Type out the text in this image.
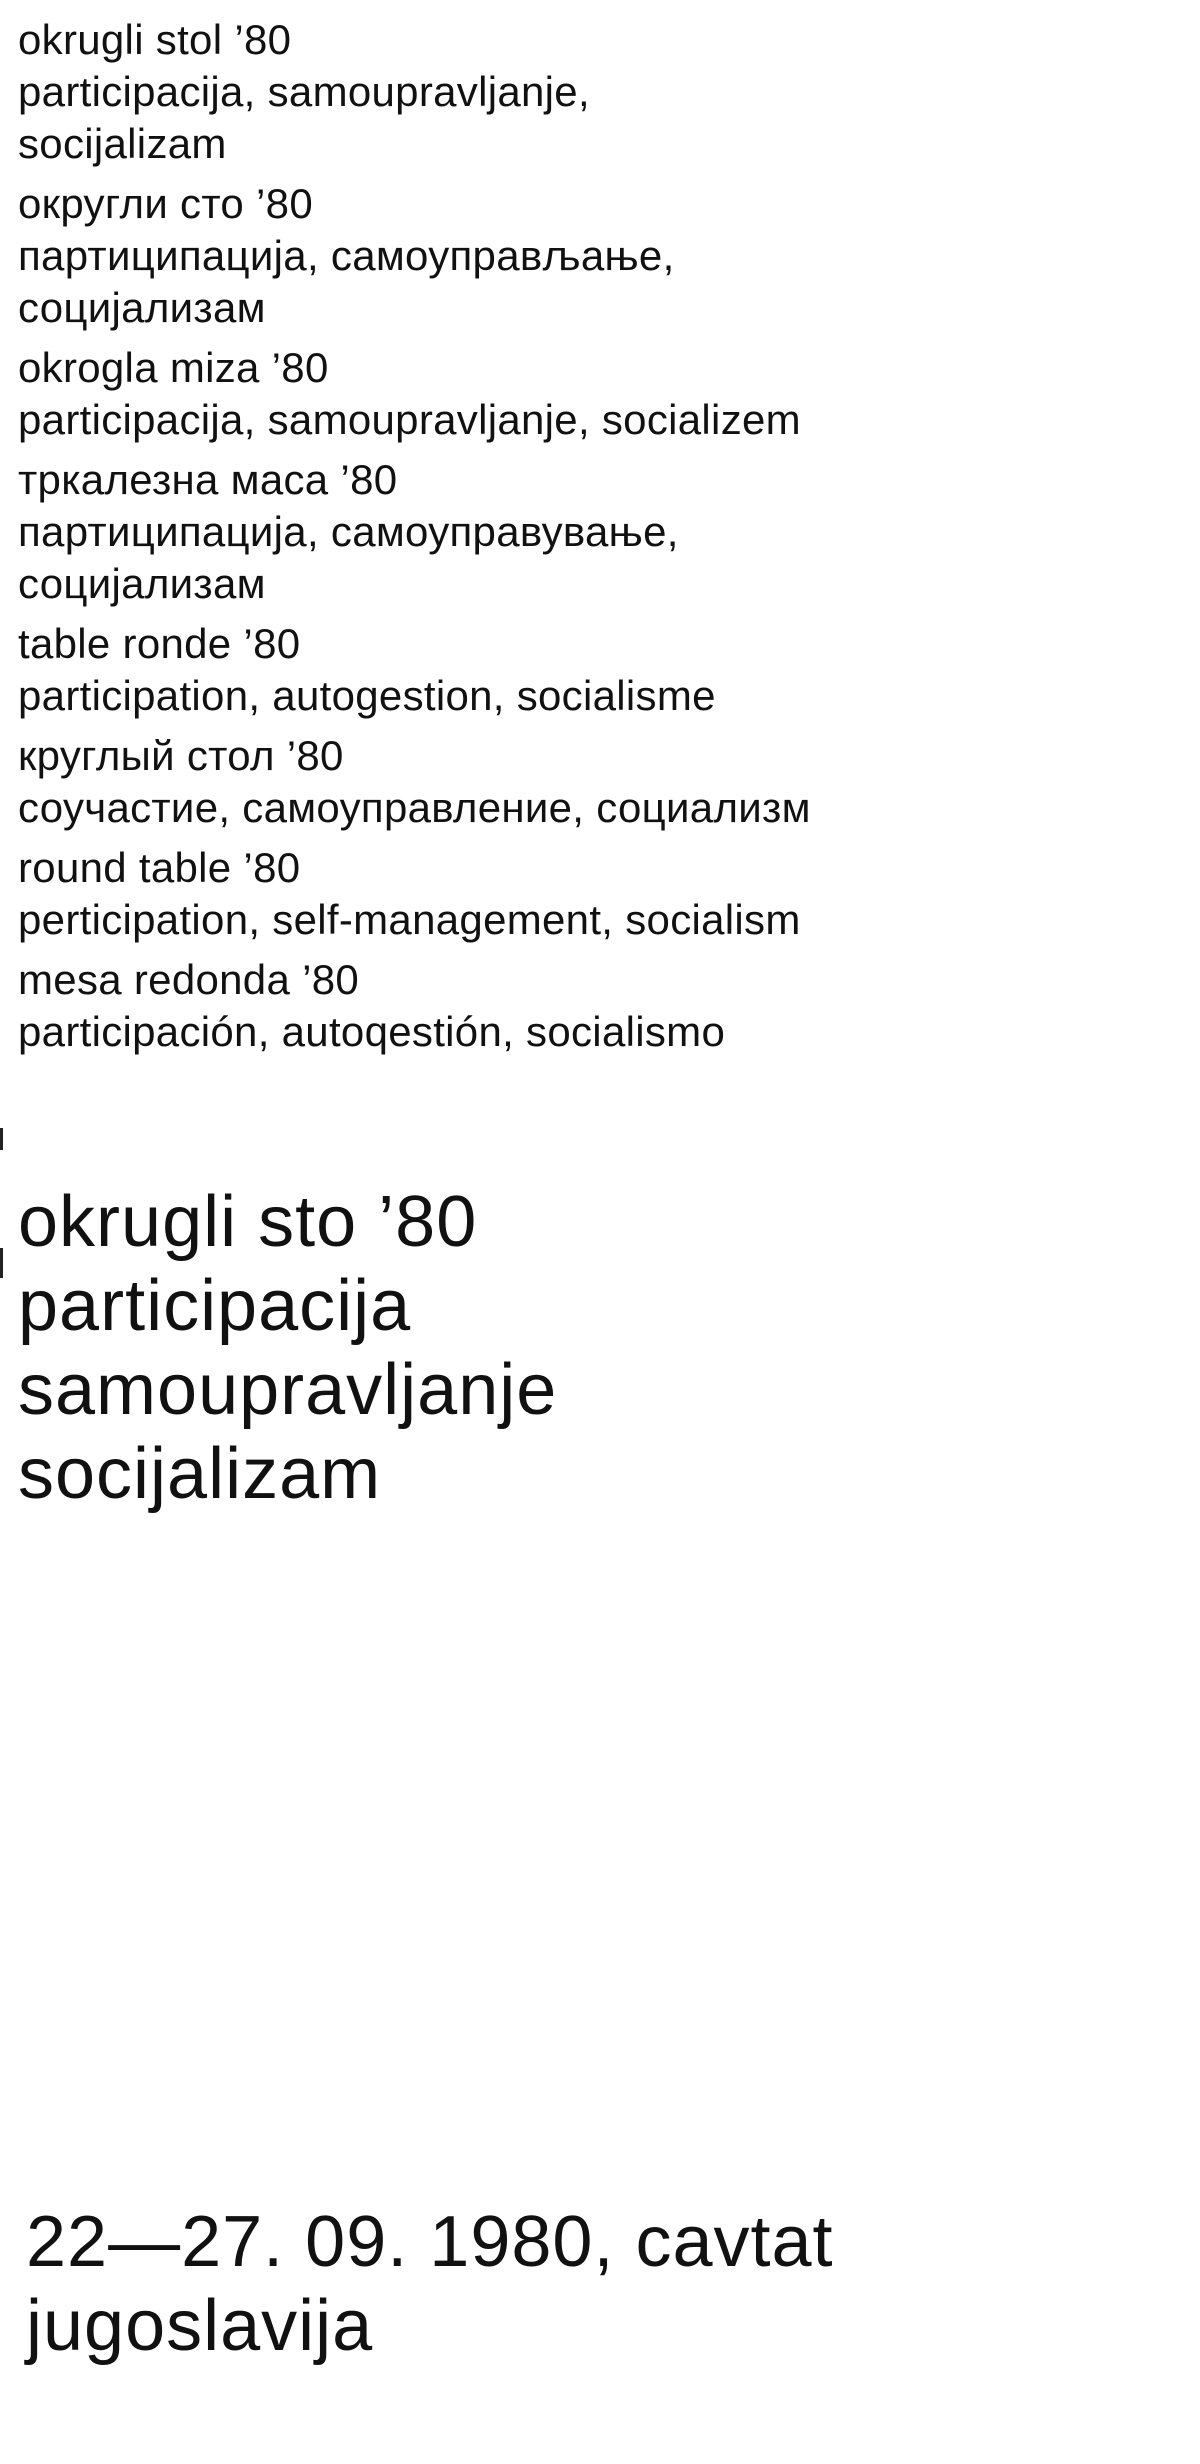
okrugli stol ’80
participacija, samoupravljanje,
socijalizam
округли сто ’80
партиципација, самоуправљање,
социјализам
okrogla miza ’80
participacija, samoupravljanje, socializem
тркалезна маса ’80
партиципација, самоуправување,
социјализам
table ronde ’80
participation, autogestion, socialisme
круглый стол ’80
соучастие, самоуправление, социализм
round table ’80
perticipation, self-management, socialism
mesa redonda ’80
participación, autoqestión, socialismo
okrugli sto ’80
participacija
samoupravljanje
socijalizam
22—27. 09. 1980, cavtat
jugoslavija
